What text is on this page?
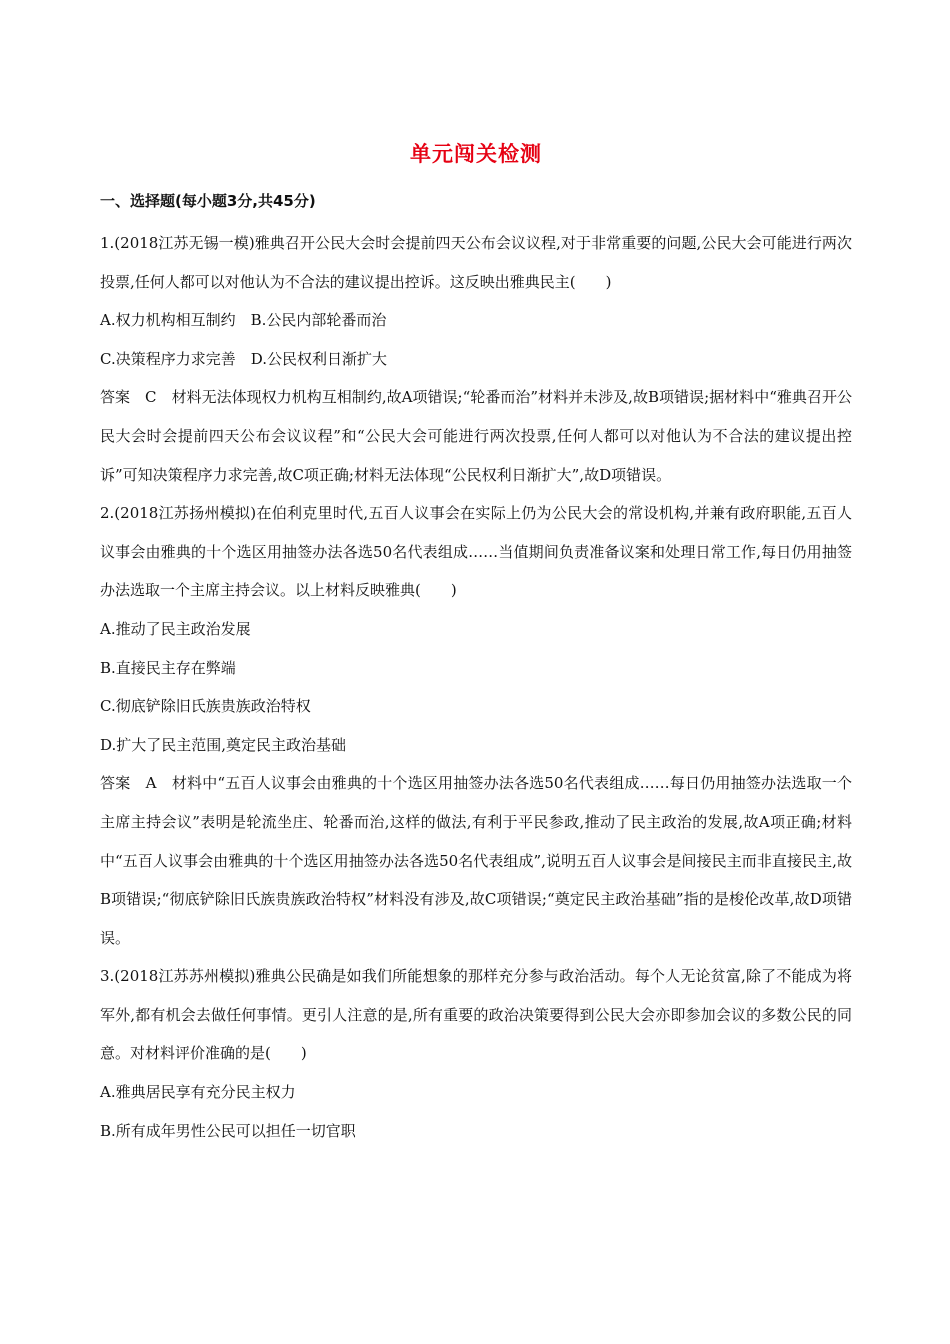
单元闯关检测
一、选择题(每小题3分,共45分)

1.(2018江苏无锡一模)雅典召开公民大会时会提前四天公布会议议程,对于非常重要的问题,公民大会可能进行两次投票,任何人都可以对他认为不合法的建议提出控诉。这反映出雅典民主(　　)

A.权力机构相互制约　B.公民内部轮番而治

C.决策程序力求完善　D.公民权利日渐扩大

答案　C　材料无法体现权力机构互相制约,故A项错误;“轮番而治”材料并未涉及,故B项错误;据材料中“雅典召开公民大会时会提前四天公布会议议程”和“公民大会可能进行两次投票,任何人都可以对他认为不合法的建议提出控诉”可知决策程序力求完善,故C项正确;材料无法体现“公民权利日渐扩大”,故D项错误。

2.(2018江苏扬州模拟)在伯利克里时代,五百人议事会在实际上仍为公民大会的常设机构,并兼有政府职能,五百人议事会由雅典的十个选区用抽签办法各选50名代表组成……当值期间负责准备议案和处理日常工作,每日仍用抽签办法选取一个主席主持会议。以上材料反映雅典(　　)

A.推动了民主政治发展

B.直接民主存在弊端

C.彻底铲除旧氏族贵族政治特权

D.扩大了民主范围,奠定民主政治基础

答案　A　材料中“五百人议事会由雅典的十个选区用抽签办法各选50名代表组成……每日仍用抽签办法选取一个主席主持会议”表明是轮流坐庄、轮番而治,这样的做法,有利于平民参政,推动了民主政治的发展,故A项正确;材料中“五百人议事会由雅典的十个选区用抽签办法各选50名代表组成”,说明五百人议事会是间接民主而非直接民主,故B项错误;“彻底铲除旧氏族贵族政治特权”材料没有涉及,故C项错误;“奠定民主政治基础”指的是梭伦改革,故D项错误。

3.(2018江苏苏州模拟)雅典公民确是如我们所能想象的那样充分参与政治活动。每个人无论贫富,除了不能成为将军外,都有机会去做任何事情。更引人注意的是,所有重要的政治决策要得到公民大会亦即参加会议的多数公民的同意。对材料评价准确的是(　　)

A.雅典居民享有充分民主权力

B.所有成年男性公民可以担任一切官职
